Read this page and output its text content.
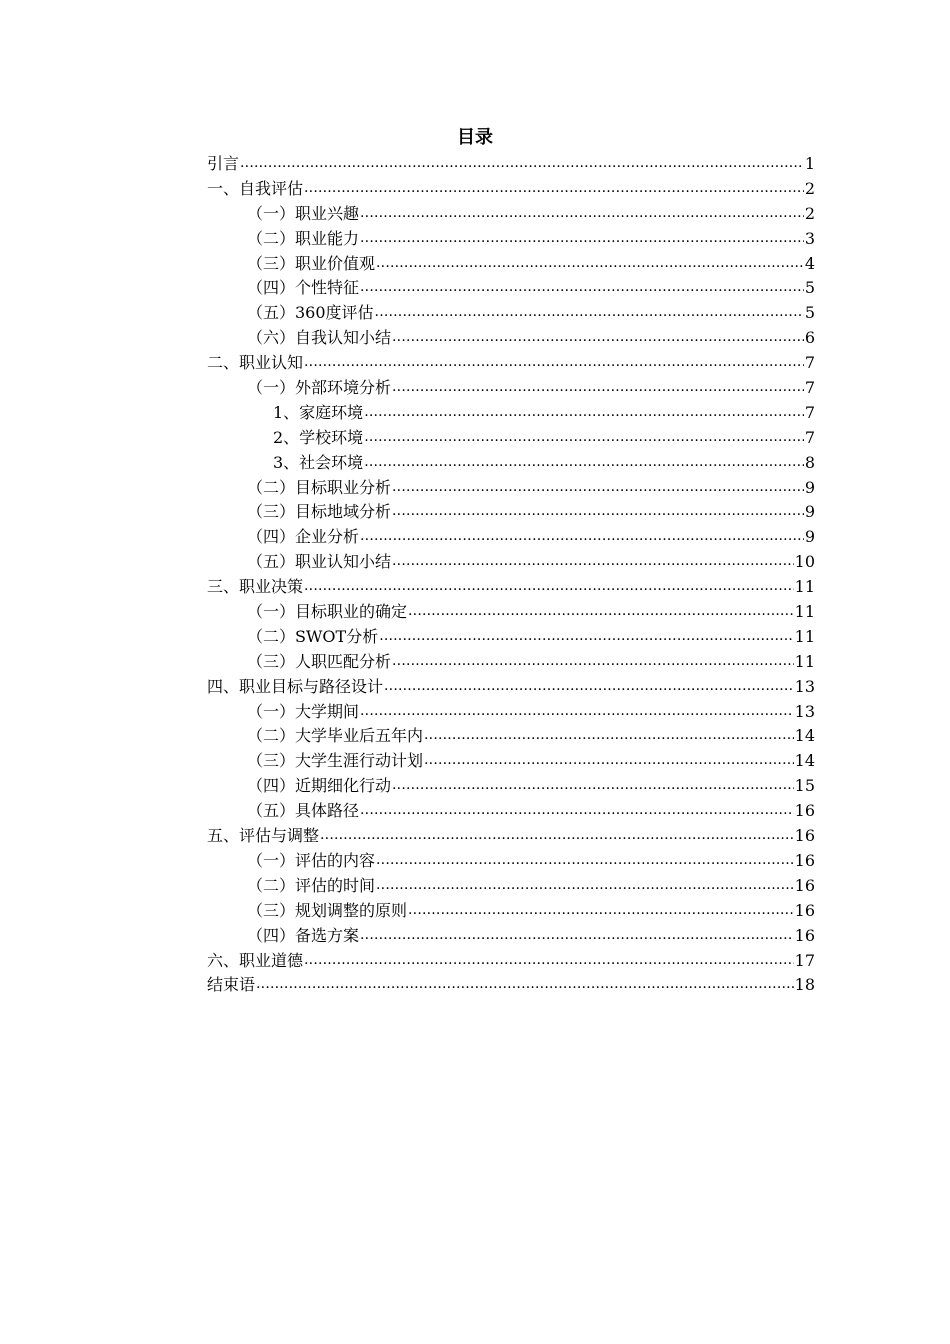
目录
引言 .....	1
一、自我评估 .....	2
（一）职业兴趣 .....	2
（二）职业能力 .....	3
（三）职业价值观 .....	4
（四）个性特征 .....	5
（五）360度评估 .....	5
（六）自我认知小结 .....	6
二、职业认知 .....	7
（一）外部环境分析 .....	7
1、家庭环境 .....	7
2、学校环境 .....	7
3、社会环境 .....	8
（二）目标职业分析 .....	9
（三）目标地域分析 .....	9
（四）企业分析 .....	9
（五）职业认知小结 .....	10
三、职业决策 .....	11
（一）目标职业的确定 .....	11
（二）SWOT分析 .....	11
（三）人职匹配分析 .....	11
四、职业目标与路径设计 .....	13
（一）大学期间 .....	13
（二）大学毕业后五年内 .....	14
（三）大学生涯行动计划 .....	14
（四）近期细化行动 .....	15
（五）具体路径 .....	16
五、评估与调整 .....	16
（一）评估的内容 .....	16
（二）评估的时间 .....	16
（三）规划调整的原则 .....	16
（四）备选方案 .....	16
六、职业道德 .....	17
结束语 .....	18
